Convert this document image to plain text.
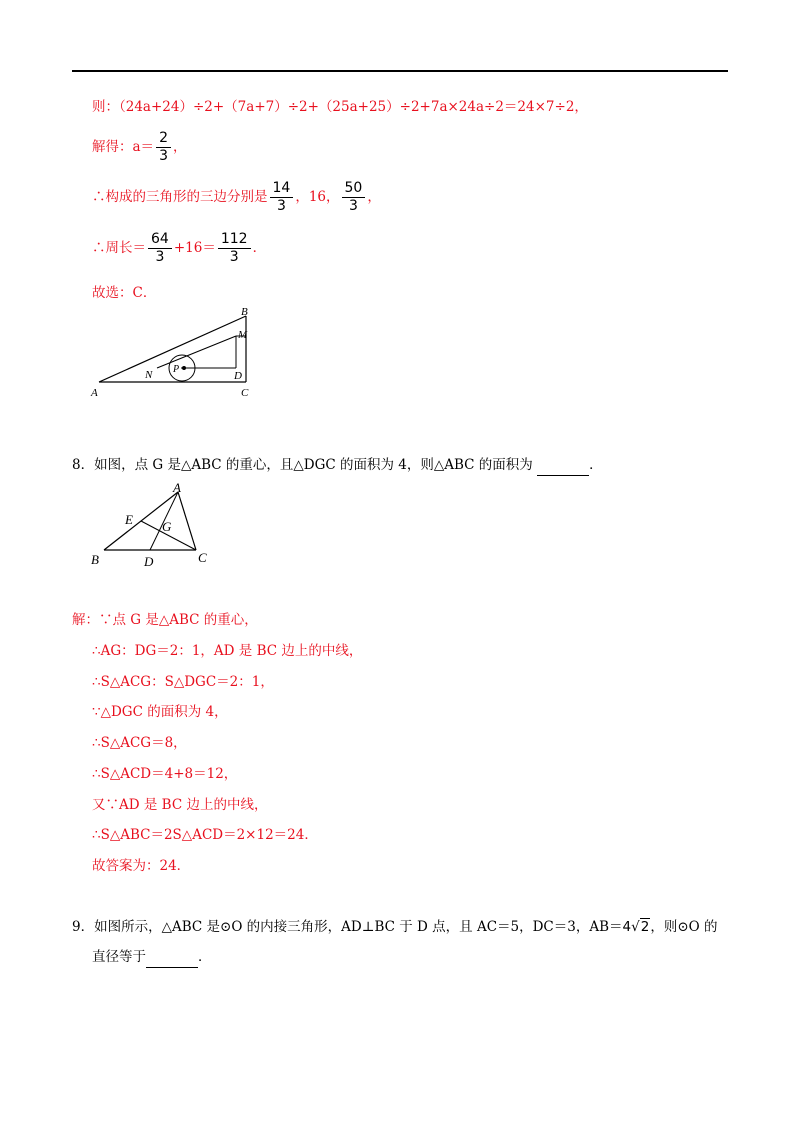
则：（24a+24）÷2+（7a+7）÷2+（25a+25）÷2+7a×24a÷2＝24×7÷2，
解得：$a= \frac{2}{3}$ ，
∴构成的三角形的三边分别是 $\frac{14}{3}$ ，16， $\frac{50}{3}$ ，
∴周长＝ $\frac{64}{3} +16= \frac{112}{3}$ ．
故选：C．
B
M
N P
D
A	C
8．如图，点 G 是△ABC 的重心，且△DGC 的面积为 4，则△ABC 的面积为	．
A
E G
B	D	C
解：∵点 G 是△ABC 的重心，
∴AG：DG＝2：1，AD 是 BC 边上的中线，
∴S△ACG：S△DGC＝2：1，
∵△DGC 的面积为 4，
∴S△ACG＝8，
∴S△ACD＝4+8＝12，
又∵AD 是 BC 边上的中线，
∴S△ABC＝2S△ACD＝2×12＝24．
故答案为：24．
9．如图所示，△ABC 是⊙O 的内接三角形，AD⊥BC 于 D 点，且 AC＝5，DC＝3，AB＝4√2，则⊙O 的
直径等于	．
